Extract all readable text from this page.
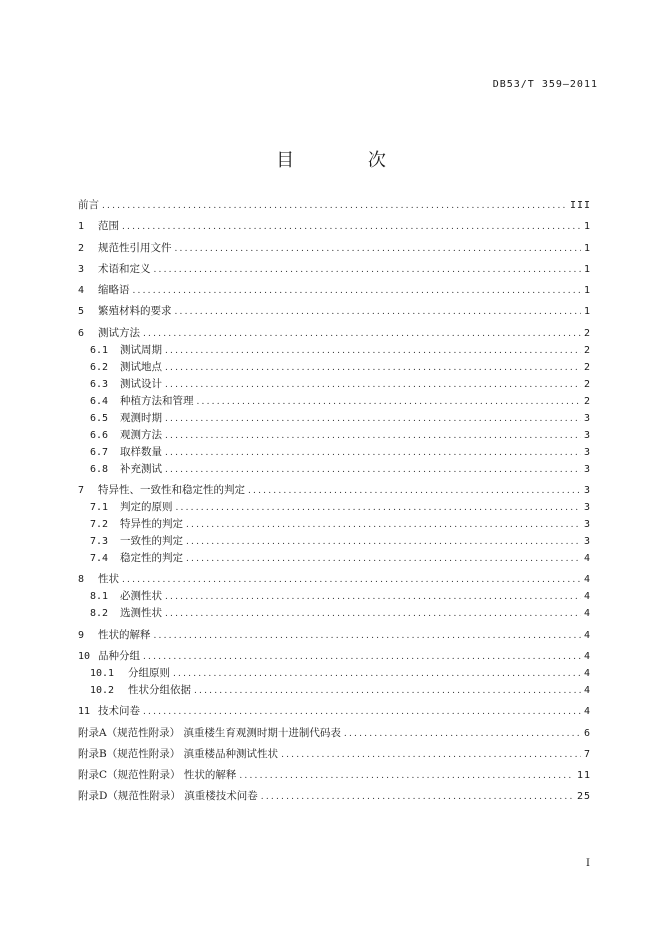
DB53/T 359—2011
目 次
前言 .....	III
1	范围 .....	1
2	规范性引用文件 .....	1
3	术语和定义 .....	1
4	缩略语 .....	1
5	繁殖材料的要求 .....	1
6	测试方法 .....	2
6.1	测试周期 .....	2
6.2	测试地点 .....	2
6.3	测试设计 .....	2
6.4	种植方法和管理 .....	2
6.5	观测时期 .....	3
6.6	观测方法 .....	3
6.7	取样数量 .....	3
6.8	补充测试 .....	3
7	特异性、一致性和稳定性的判定 .....	3
7.1	判定的原则 .....	3
7.2	特异性的判定 .....	3
7.3	一致性的判定 .....	3
7.4	稳定性的判定 .....	4
8	性状 .....	4
8.1	必测性状 .....	4
8.2	选测性状 .....	4
9	性状的解释 .....	4
10 品种分组 .....	4
10.1	分组原则 .....	4
10.2	性状分组依据 .....	4
11 技术问卷 .....	4
附录A（规范性附录） 滇重楼生育观测时期十进制代码表 .....	6
附录B（规范性附录） 滇重楼品种测试性状 .....	7
附录C（规范性附录） 性状的解释 .....	11
附录D（规范性附录） 滇重楼技术问卷 .....	25
I
